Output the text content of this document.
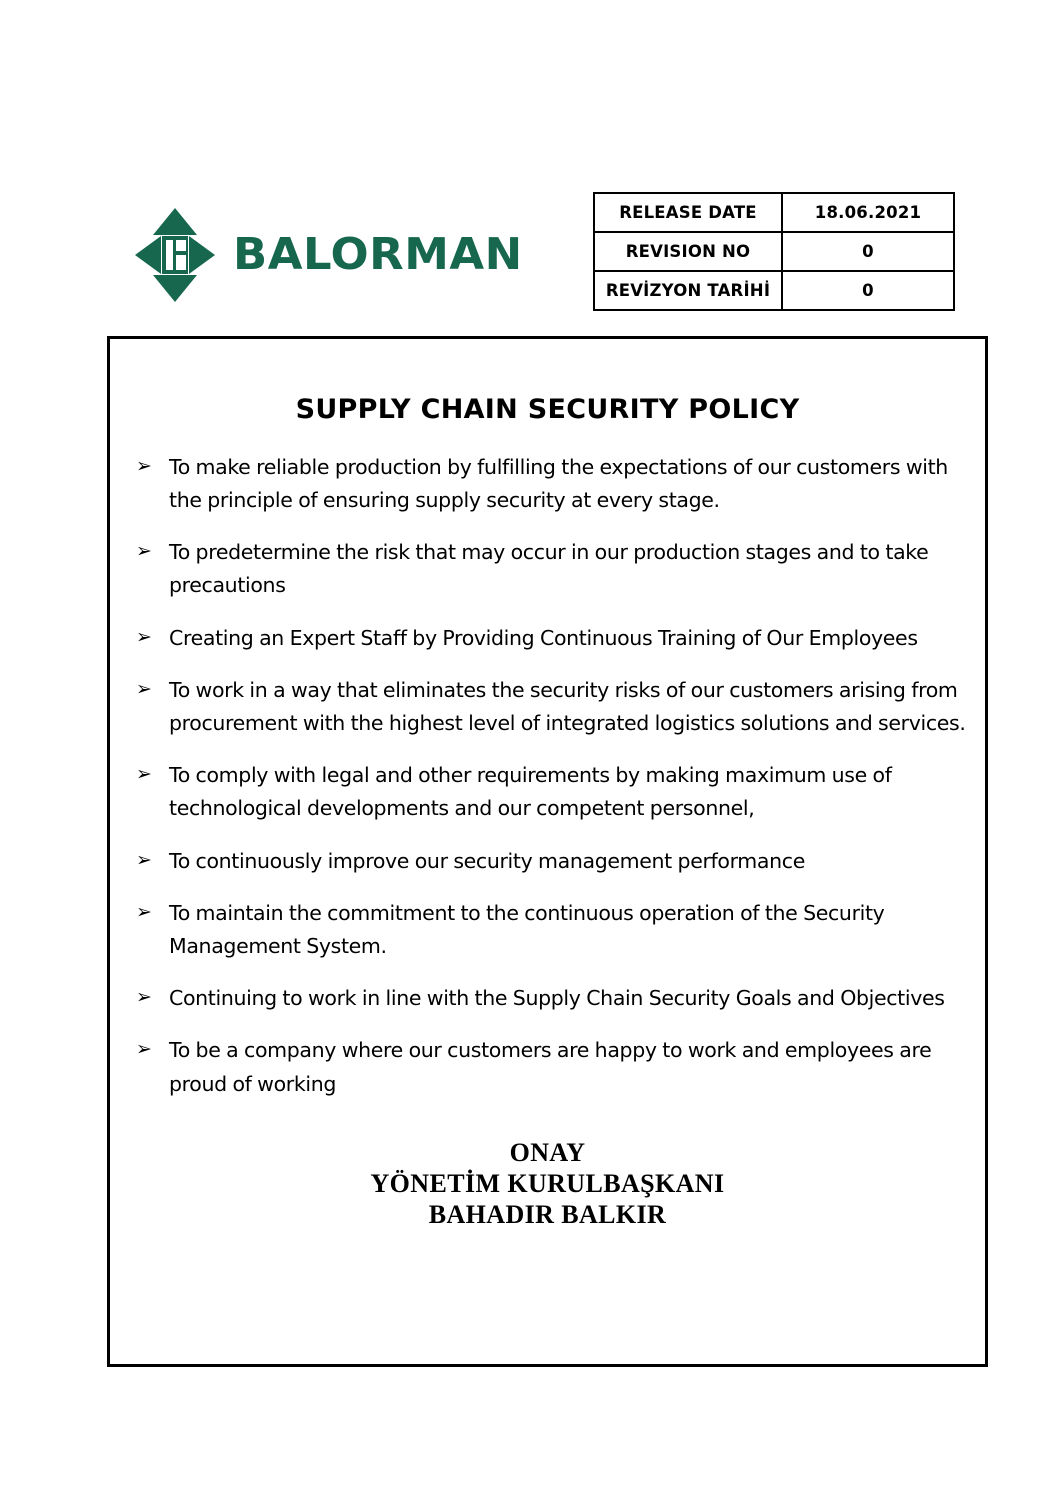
BALORMAN
RELEASE DATE	18.06.2021
REVISION NO	0
REVİZYON TARİHİ	0
SUPPLY CHAIN SECURITY POLICY
➢ To make reliable production by fulfilling the expectations of our customers with the principle of ensuring supply security at every stage.
➢ To predetermine the risk that may occur in our production stages and to take precautions
➢ Creating an Expert Staff by Providing Continuous Training of Our Employees
➢ To work in a way that eliminates the security risks of our customers arising from procurement with the highest level of integrated logistics solutions and services.
➢ To comply with legal and other requirements by making maximum use of technological developments and our competent personnel,
➢ To continuously improve our security management performance
➢ To maintain the commitment to the continuous operation of the Security Management System.
➢ Continuing to work in line with the Supply Chain Security Goals and Objectives
➢ To be a company where our customers are happy to work and employees are proud of working
ONAY
YÖNETİM KURULBAŞKANI
BAHADIR BALKIR
